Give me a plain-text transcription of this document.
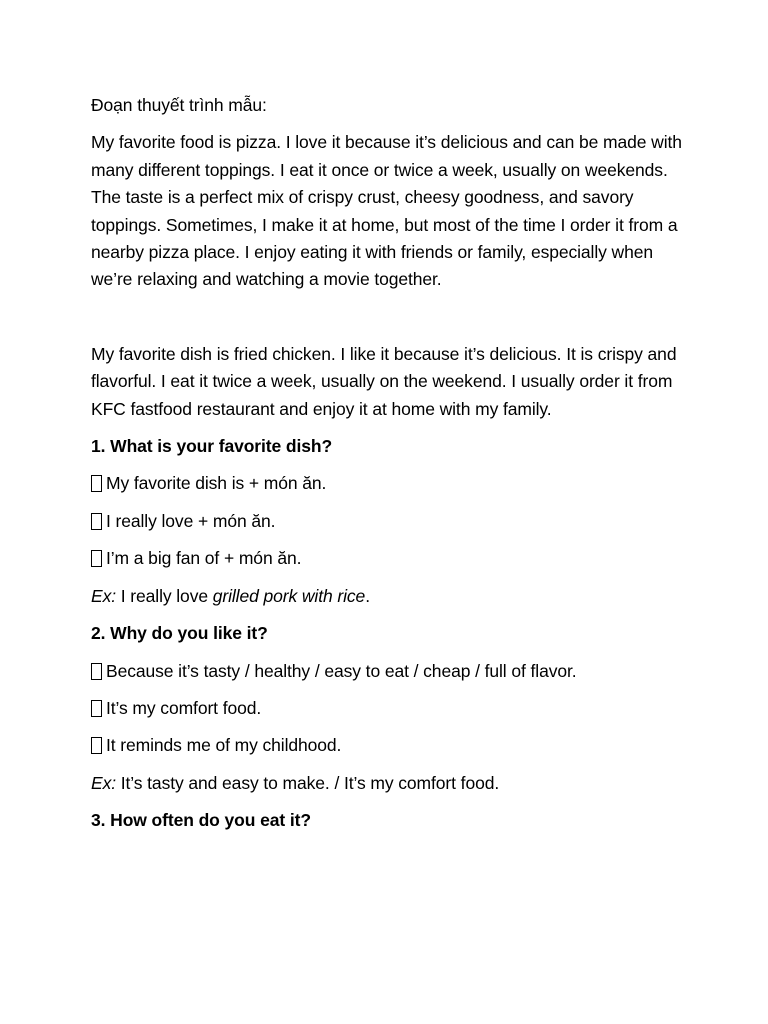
Đoạn thuyết trình mẫu:

My favorite food is pizza. I love it because it’s delicious and can be made with many different toppings. I eat it once or twice a week, usually on weekends. The taste is a perfect mix of crispy crust, cheesy goodness, and savory toppings. Sometimes, I make it at home, but most of the time I order it from a nearby pizza place. I enjoy eating it with friends or family, especially when we’re relaxing and watching a movie together.

My favorite dish is fried chicken. I like it because it’s delicious. It is crispy and flavorful. I eat it twice a week, usually on the weekend. I usually order it from KFC fastfood restaurant and enjoy it at home with my family.

1. What is your favorite dish?

My favorite dish is + món ăn.

I really love + món ăn.

I’m a big fan of + món ăn.

Ex: I really love grilled pork with rice.

2. Why do you like it?

Because it’s tasty / healthy / easy to eat / cheap / full of flavor.

It’s my comfort food.

It reminds me of my childhood.

Ex: It’s tasty and easy to make. / It’s my comfort food.

3. How often do you eat it?
